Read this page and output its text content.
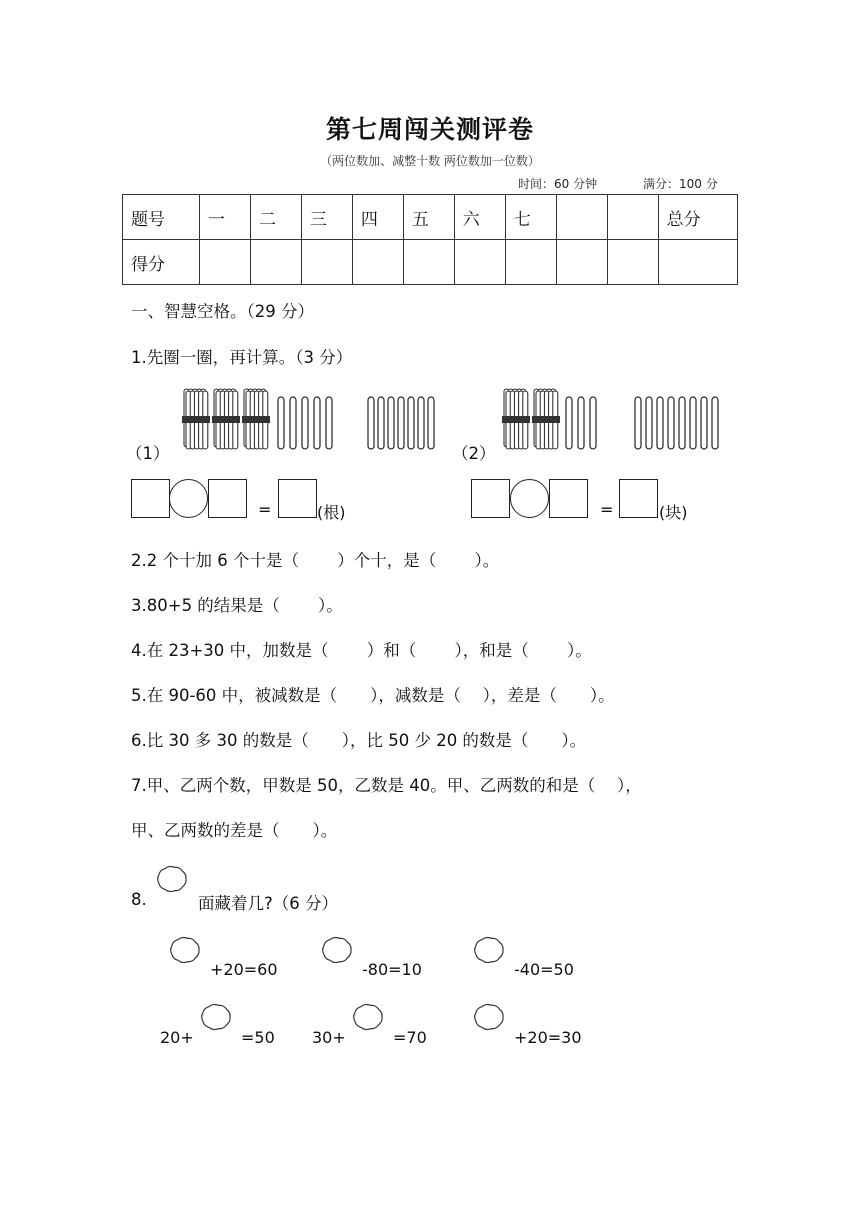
第七周闯关测评卷
（两位数加、减整十数 两位数加一位数）
时间：60 分钟	满分：100 分
题号	一	二	三	四	五	六	七			总分
得分										
一、智慧空格。（29 分）
1.先圈一圈，再计算。（3 分）
（1）	（2）
=	(根)	=	(块)
2.2 个十加 6 个十是（　　 ）个十，是（　　 ）。
3.80+5 的结果是（　　 ）。
4.在 23+30 中，加数是（　　 ）和（　　 ），和是（　　 ）。
5.在 90-60 中，被减数是（　　），减数是（　 ），差是（　　）。
6.比 30 多 30 的数是（　　），比 50 少 20 的数是（　　）。
7.甲、乙两个数，甲数是 50，乙数是 40。甲、乙两数的和是（　 ），
甲、乙两数的差是（　　）。
8.	面藏着几?（6 分）
+20=60	-80=10	-40=50
20+	=50 30+	=70	+20=30
